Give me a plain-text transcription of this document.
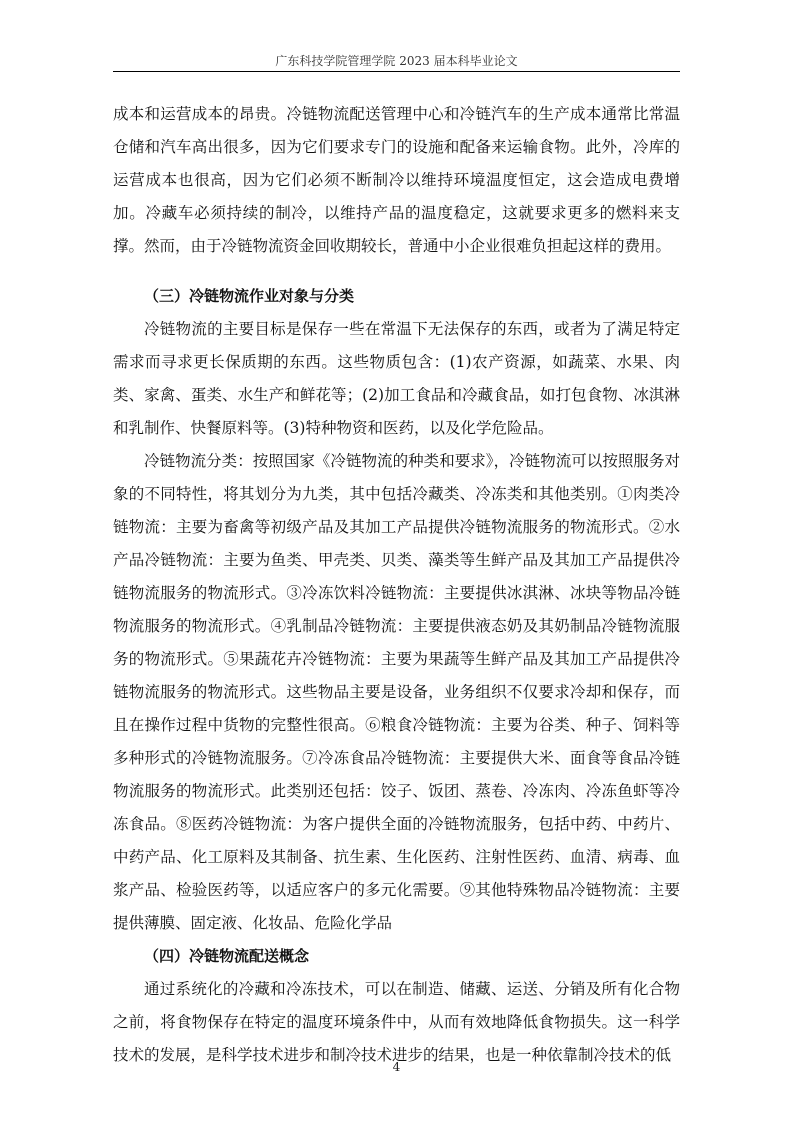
广东科技学院管理学院 2023 届本科毕业论文

成本和运营成本的昂贵。冷链物流配送管理中心和冷链汽车的生产成本通常比常温仓储和汽车高出很多，因为它们要求专门的设施和配备来运输食物。此外，冷库的运营成本也很高，因为它们必须不断制冷以维持环境温度恒定，这会造成电费增加。冷藏车必须持续的制冷，以维持产品的温度稳定，这就要求更多的燃料来支撑。然而，由于冷链物流资金回收期较长，普通中小企业很难负担起这样的费用。

（三）冷链物流作业对象与分类

冷链物流的主要目标是保存一些在常温下无法保存的东西，或者为了满足特定需求而寻求更长保质期的东西。这些物质包含：(1)农产资源，如蔬菜、水果、肉类、家禽、蛋类、水生产和鲜花等；(2)加工食品和冷藏食品，如打包食物、冰淇淋和乳制作、快餐原料等。(3)特种物资和医药，以及化学危险品。

冷链物流分类：按照国家《冷链物流的种类和要求》，冷链物流可以按照服务对象的不同特性，将其划分为九类，其中包括冷藏类、冷冻类和其他类别。①肉类冷链物流：主要为畜禽等初级产品及其加工产品提供冷链物流服务的物流形式。②水产品冷链物流：主要为鱼类、甲壳类、贝类、藻类等生鲜产品及其加工产品提供冷链物流服务的物流形式。③冷冻饮料冷链物流：主要提供冰淇淋、冰块等物品冷链物流服务的物流形式。④乳制品冷链物流：主要提供液态奶及其奶制品冷链物流服务的物流形式。⑤果蔬花卉冷链物流：主要为果蔬等生鲜产品及其加工产品提供冷链物流服务的物流形式。这些物品主要是设备，业务组织不仅要求冷却和保存，而且在操作过程中货物的完整性很高。⑥粮食冷链物流：主要为谷类、种子、饲料等多种形式的冷链物流服务。⑦冷冻食品冷链物流：主要提供大米、面食等食品冷链物流服务的物流形式。此类别还包括：饺子、饭团、蒸卷、冷冻肉、冷冻鱼虾等冷冻食品。⑧医药冷链物流：为客户提供全面的冷链物流服务，包括中药、中药片、中药产品、化工原料及其制备、抗生素、生化医药、注射性医药、血清、病毒、血浆产品、检验医药等，以适应客户的多元化需要。⑨其他特殊物品冷链物流：主要提供薄膜、固定液、化妆品、危险化学品

（四）冷链物流配送概念

通过系统化的冷藏和冷冻技术，可以在制造、储藏、运送、分销及所有化合物之前，将食物保存在特定的温度环境条件中，从而有效地降低食物损失。这一科学技术的发展，是科学技术进步和制冷技术进步的结果，也是一种依靠制冷技术的低

4
